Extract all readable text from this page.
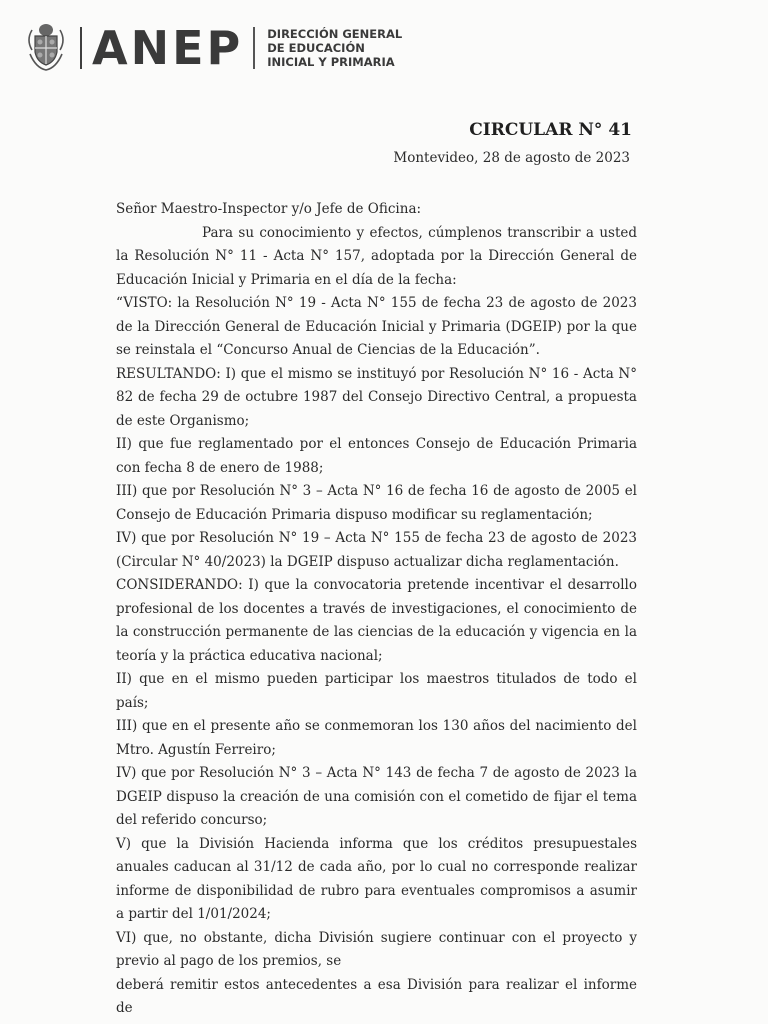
ANEP DIRECCIÓN GENERAL
DE EDUCACIÓN
INICIAL Y PRIMARIA
CIRCULAR N° 41
Montevideo, 28 de agosto de 2023

Señor Maestro-Inspector y/o Jefe de Oficina:

Para su conocimiento y efectos, cúmplenos transcribir a usted la Resolución N° 11 - Acta N° 157, adoptada por la Dirección General de Educación Inicial y Primaria en el día de la fecha:

“VISTO: la Resolución N° 19 - Acta N° 155 de fecha 23 de agosto de 2023 de la Dirección General de Educación Inicial y Primaria (DGEIP) por la que se reinstala el “Concurso Anual de Ciencias de la Educación”.

RESULTANDO: I) que el mismo se instituyó por Resolución N° 16 - Acta N° 82 de fecha 29 de octubre 1987 del Consejo Directivo Central, a propuesta de este Organismo;

II) que fue reglamentado por el entonces Consejo de Educación Primaria con fecha 8 de enero de 1988;

III) que por Resolución N° 3 – Acta N° 16 de fecha 16 de agosto de 2005 el Consejo de Educación Primaria dispuso modificar su reglamentación;

IV) que por Resolución N° 19 – Acta N° 155 de fecha 23 de agosto de 2023 (Circular N° 40/2023) la DGEIP dispuso actualizar dicha reglamentación.

CONSIDERANDO: I) que la convocatoria pretende incentivar el desarrollo profesional de los docentes a través de investigaciones, el conocimiento de la construcción permanente de las ciencias de la educación y vigencia en la teoría y la práctica educativa nacional;

II) que en el mismo pueden participar los maestros titulados de todo el país;

III) que en el presente año se conmemoran los 130 años del nacimiento del Mtro. Agustín Ferreiro;

IV) que por Resolución N° 3 – Acta N° 143 de fecha 7 de agosto de 2023 la DGEIP dispuso la creación de una comisión con el cometido de fijar el tema del referido concurso;

V) que la División Hacienda informa que los créditos presupuestales anuales caducan al 31/12 de cada año, por lo cual no corresponde realizar informe de disponibilidad de rubro para eventuales compromisos a asumir a partir del 1/01/2024;

VI) que, no obstante, dicha División sugiere continuar con el proyecto y previo al pago de los premios, se

deberá remitir estos antecedentes a esa División para realizar el informe de
